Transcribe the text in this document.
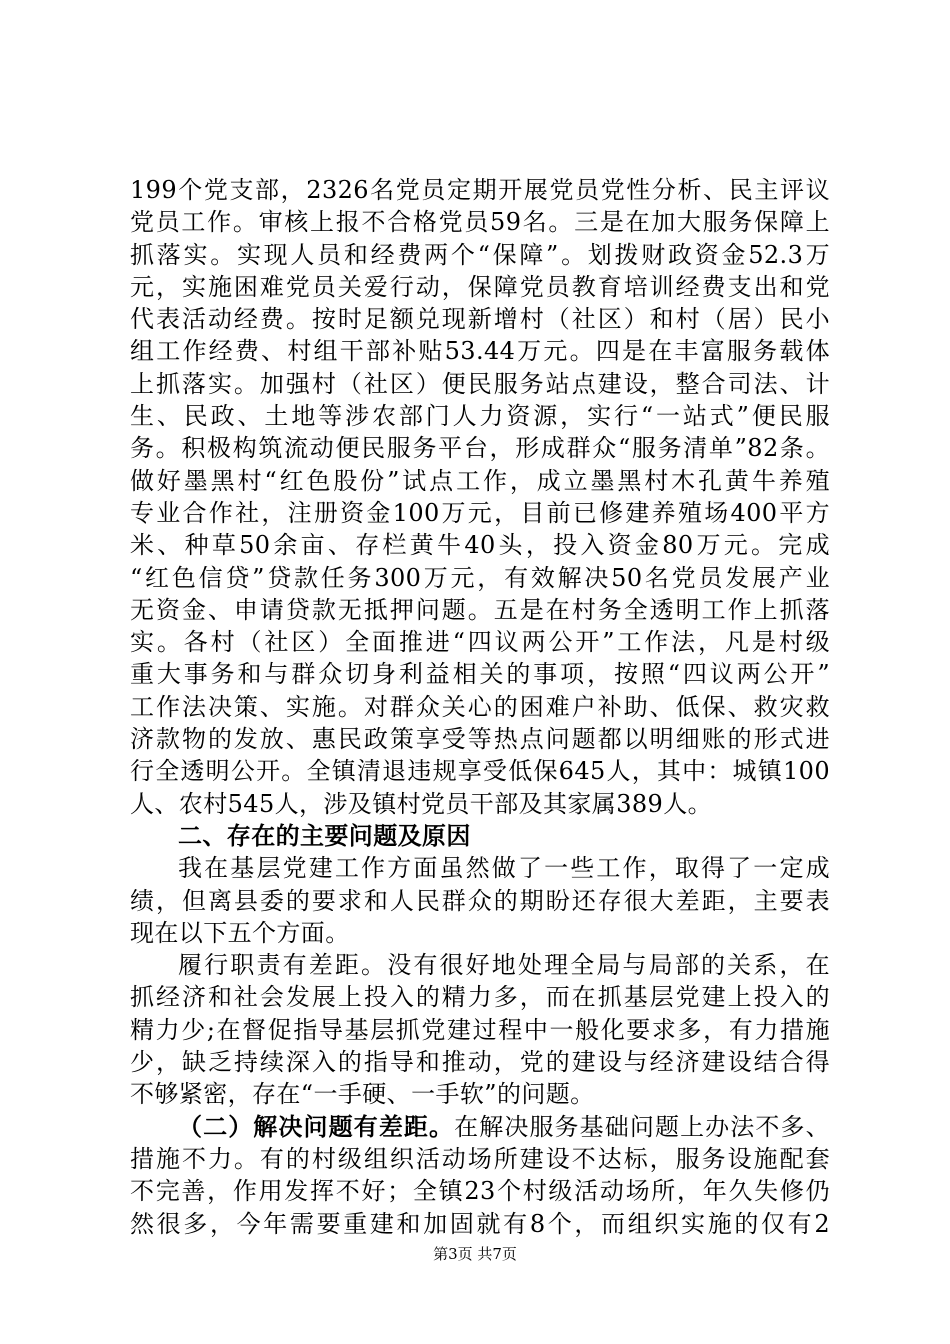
199个党支部，2326名党员定期开展党员党性分析、民主评议
党员工作。审核上报不合格党员59名。三是在加大服务保障上
抓落实。实现人员和经费两个“保障”。划拨财政资金52.3万
元，实施困难党员关爱行动，保障党员教育培训经费支出和党
代表活动经费。按时足额兑现新增村（社区）和村（居）民小
组工作经费、村组干部补贴53.44万元。四是在丰富服务载体
上抓落实。加强村（社区）便民服务站点建设，整合司法、计
生、民政、土地等涉农部门人力资源，实行“一站式”便民服
务。积极构筑流动便民服务平台，形成群众“服务清单”82条。
做好墨黑村“红色股份”试点工作，成立墨黑村木孔黄牛养殖
专业合作社，注册资金100万元，目前已修建养殖场400平方
米、种草50余亩、存栏黄牛40头，投入资金80万元。完成
“红色信贷”贷款任务300万元，有效解决50名党员发展产业
无资金、申请贷款无抵押问题。五是在村务全透明工作上抓落
实。各村（社区）全面推进“四议两公开”工作法，凡是村级
重大事务和与群众切身利益相关的事项，按照“四议两公开”
工作法决策、实施。对群众关心的困难户补助、低保、救灾救
济款物的发放、惠民政策享受等热点问题都以明细账的形式进
行全透明公开。全镇清退违规享受低保645人，其中：城镇100
人、农村545人，涉及镇村党员干部及其家属389人。
二、存在的主要问题及原因
我在基层党建工作方面虽然做了一些工作，取得了一定成
绩，但离县委的要求和人民群众的期盼还存很大差距，主要表
现在以下五个方面。
履行职责有差距。没有很好地处理全局与局部的关系，在
抓经济和社会发展上投入的精力多，而在抓基层党建上投入的
精力少;在督促指导基层抓党建过程中一般化要求多，有力措施
少，缺乏持续深入的指导和推动，党的建设与经济建设结合得
不够紧密，存在“一手硬、一手软”的问题。
（二）解决问题有差距。在解决服务基础问题上办法不多、
措施不力。有的村级组织活动场所建设不达标，服务设施配套
不完善，作用发挥不好；全镇23个村级活动场所，年久失修仍
然很多，今年需要重建和加固就有8个，而组织实施的仅有2
第3页 共7页
